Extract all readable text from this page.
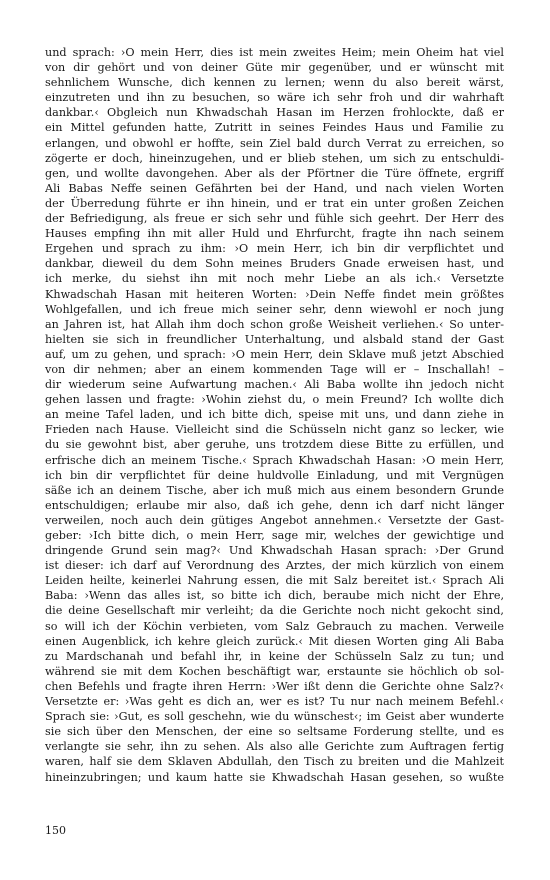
und sprach: ›O mein Herr, dies ist mein zweites Heim; mein Oheim hat viel
von dir gehört und von deiner Güte mir gegenüber, und er wünscht mit
sehnlichem Wunsche, dich kennen zu lernen; wenn du also bereit wärst,
einzutreten und ihn zu besuchen, so wäre ich sehr froh und dir wahrhaft
dankbar.‹ Obgleich nun Khwadschah Hasan im Herzen frohlockte, daß er
ein Mittel gefunden hatte, Zutritt in seines Feindes Haus und Familie zu
erlangen, und obwohl er hoffte, sein Ziel bald durch Verrat zu erreichen, so
zögerte er doch, hineinzugehen, und er blieb stehen, um sich zu entschuldi-
gen, und wollte davongehen. Aber als der Pförtner die Türe öffnete, ergriff
Ali Babas Neffe seinen Gefährten bei der Hand, und nach vielen Worten
der Überredung führte er ihn hinein, und er trat ein unter großen Zeichen
der Befriedigung, als freue er sich sehr und fühle sich geehrt. Der Herr des
Hauses empfing ihn mit aller Huld und Ehrfurcht, fragte ihn nach seinem
Ergehen und sprach zu ihm: ›O mein Herr, ich bin dir verpflichtet und
dankbar, dieweil du dem Sohn meines Bruders Gnade erweisen hast, und
ich merke, du siehst ihn mit noch mehr Liebe an als ich.‹ Versetzte
Khwadschah Hasan mit heiteren Worten: ›Dein Neffe findet mein größtes
Wohlgefallen, und ich freue mich seiner sehr, denn wiewohl er noch jung
an Jahren ist, hat Allah ihm doch schon große Weisheit verliehen.‹ So unter-
hielten sie sich in freundlicher Unterhaltung, und alsbald stand der Gast
auf, um zu gehen, und sprach: ›O mein Herr, dein Sklave muß jetzt Abschied
von dir nehmen; aber an einem kommenden Tage will er – Inschallah! –
dir wiederum seine Aufwartung machen.‹ Ali Baba wollte ihn jedoch nicht
gehen lassen und fragte: ›Wohin ziehst du, o mein Freund? Ich wollte dich
an meine Tafel laden, und ich bitte dich, speise mit uns, und dann ziehe in
Frieden nach Hause. Vielleicht sind die Schüsseln nicht ganz so lecker, wie
du sie gewohnt bist, aber geruhe, uns trotzdem diese Bitte zu erfüllen, und
erfrische dich an meinem Tische.‹ Sprach Khwadschah Hasan: ›O mein Herr,
ich bin dir verpflichtet für deine huldvolle Einladung, und mit Vergnügen
säße ich an deinem Tische, aber ich muß mich aus einem besondern Grunde
entschuldigen; erlaube mir also, daß ich gehe, denn ich darf nicht länger
verweilen, noch auch dein gütiges Angebot annehmen.‹ Versetzte der Gast-
geber: ›Ich bitte dich, o mein Herr, sage mir, welches der gewichtige und
dringende Grund sein mag?‹ Und Khwadschah Hasan sprach: ›Der Grund
ist dieser: ich darf auf Verordnung des Arztes, der mich kürzlich von einem
Leiden heilte, keinerlei Nahrung essen, die mit Salz bereitet ist.‹ Sprach Ali
Baba: ›Wenn das alles ist, so bitte ich dich, beraube mich nicht der Ehre,
die deine Gesellschaft mir verleiht; da die Gerichte noch nicht gekocht sind,
so will ich der Köchin verbieten, vom Salz Gebrauch zu machen. Verweile
einen Augenblick, ich kehre gleich zurück.‹ Mit diesen Worten ging Ali Baba
zu Mardschanah und befahl ihr, in keine der Schüsseln Salz zu tun; und
während sie mit dem Kochen beschäftigt war, erstaunte sie höchlich ob sol-
chen Befehls und fragte ihren Herrn: ›Wer ißt denn die Gerichte ohne Salz?‹
Versetzte er: ›Was geht es dich an, wer es ist? Tu nur nach meinem Befehl.‹
Sprach sie: ›Gut, es soll geschehn, wie du wünschest‹; im Geist aber wunderte
sie sich über den Menschen, der eine so seltsame Forderung stellte, und es
verlangte sie sehr, ihn zu sehen. Als also alle Gerichte zum Auftragen fertig
waren, half sie dem Sklaven Abdullah, den Tisch zu breiten und die Mahlzeit
hineinzubringen; und kaum hatte sie Khwadschah Hasan gesehen, so wußte
150
